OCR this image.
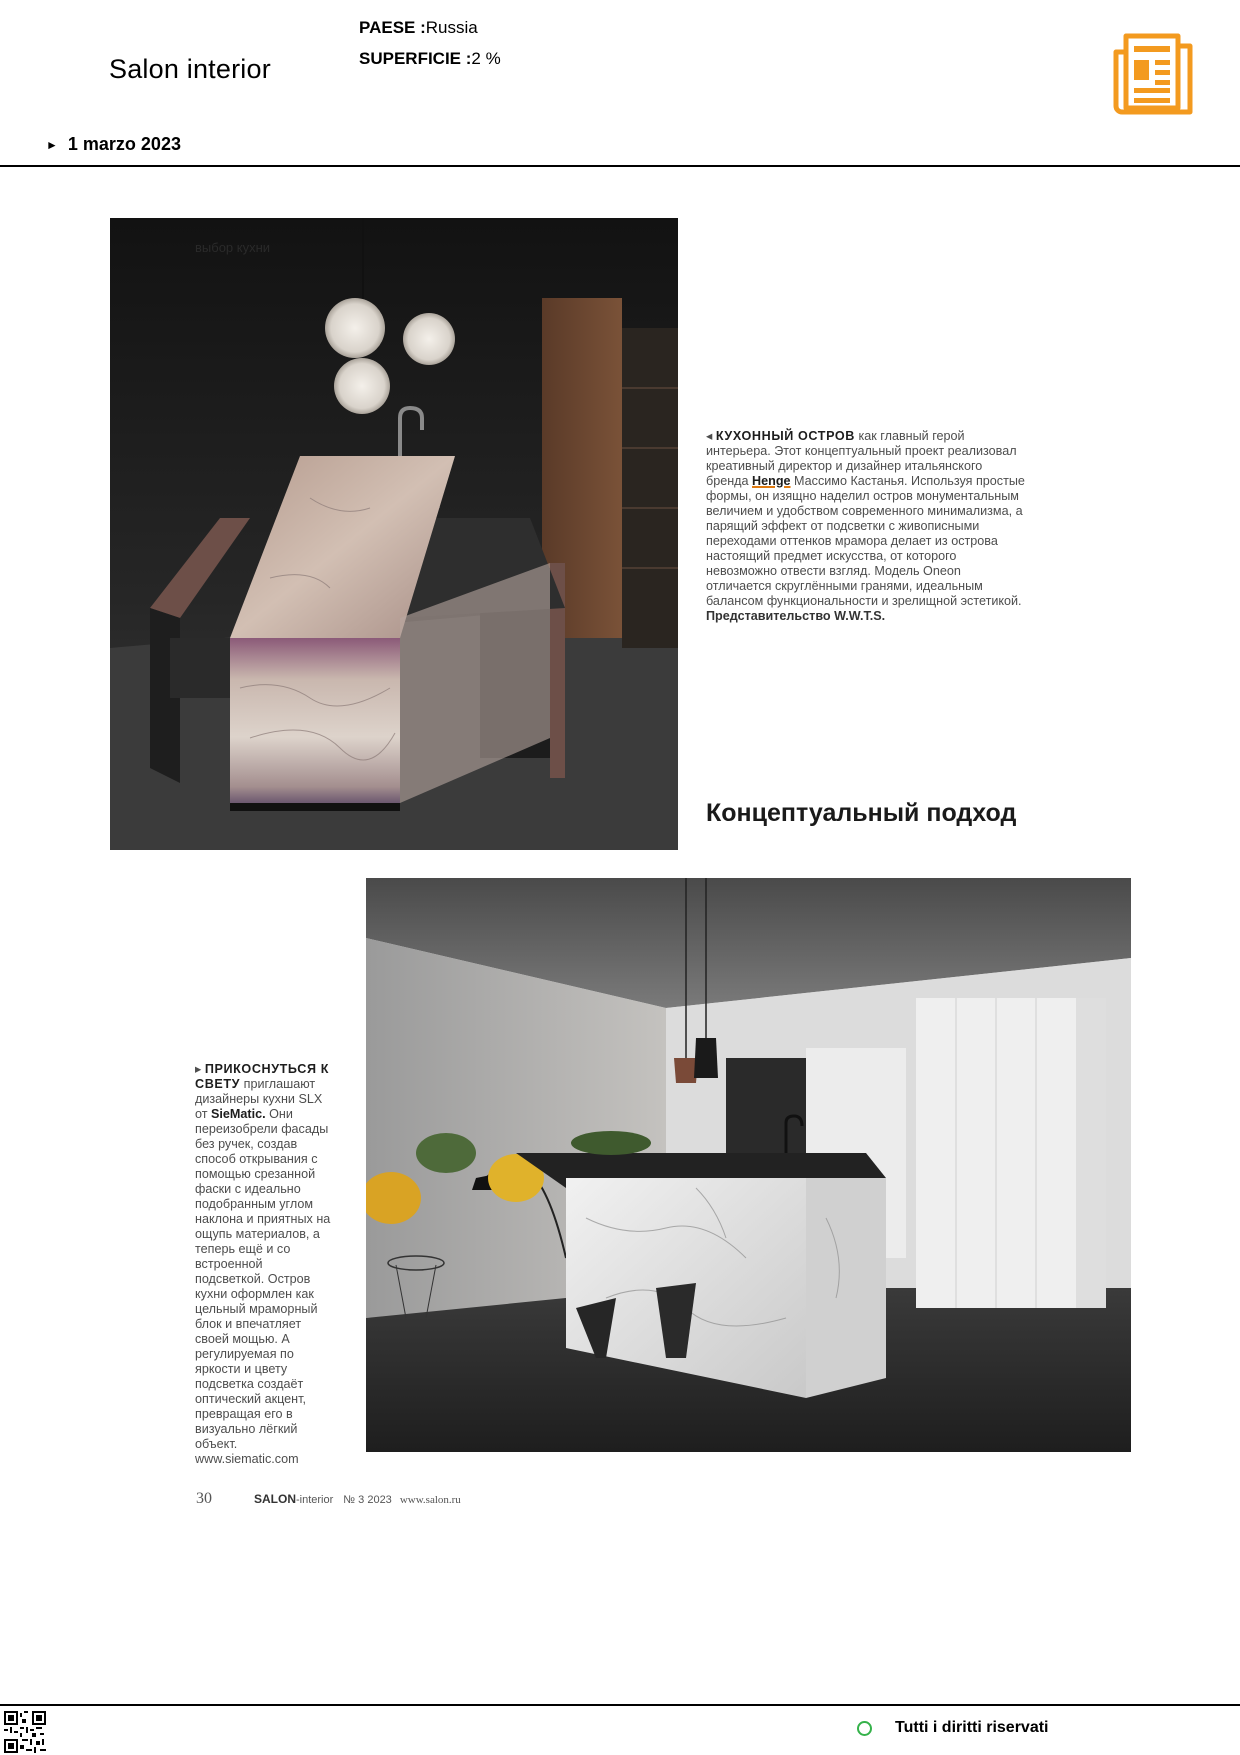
Salon interior
PAESE :Russia
SUPERFICIE :2 %
► 1 marzo 2023
выбор кухни
◂ КУХОННЫЙ ОСТРОВ как главный герой интерьера. Этот концептуальный проект реализовал креативный директор и дизайнер итальянского бренда Henge Массимо Кастанья. Используя простые формы, он изящно наделил остров монументальным величием и удобством современного минимализма, а парящий эффект от подсветки с живописными переходами оттенков мрамора делает из острова настоящий предмет искусства, от которого невозможно отвести взгляд. Модель Oneon отличается скруглёнными гранями, идеальным балансом функциональности и зрелищной эстетикой.
Представительство W.W.T.S.
Концептуальный подход
▸ ПРИКОСНУТЬСЯ К СВЕТУ приглашают дизайнеры кухни SLX от SieMatic. Они переизобрели фасады без ручек, создав способ открывания с помощью срезанной фаски с идеально подобранным углом наклона и приятных на ощупь материалов, а теперь ещё и со встроенной подсветкой. Остров кухни оформлен как цельный мраморный блок и впечатляет своей мощью. А регулируемая по яркости и цвету подсветка создаёт оптический акцент, превращая его в визуально лёгкий объект. www.siematic.com
30	SALON-interior № 3 2023 www.salon.ru
Tutti i diritti riservati
